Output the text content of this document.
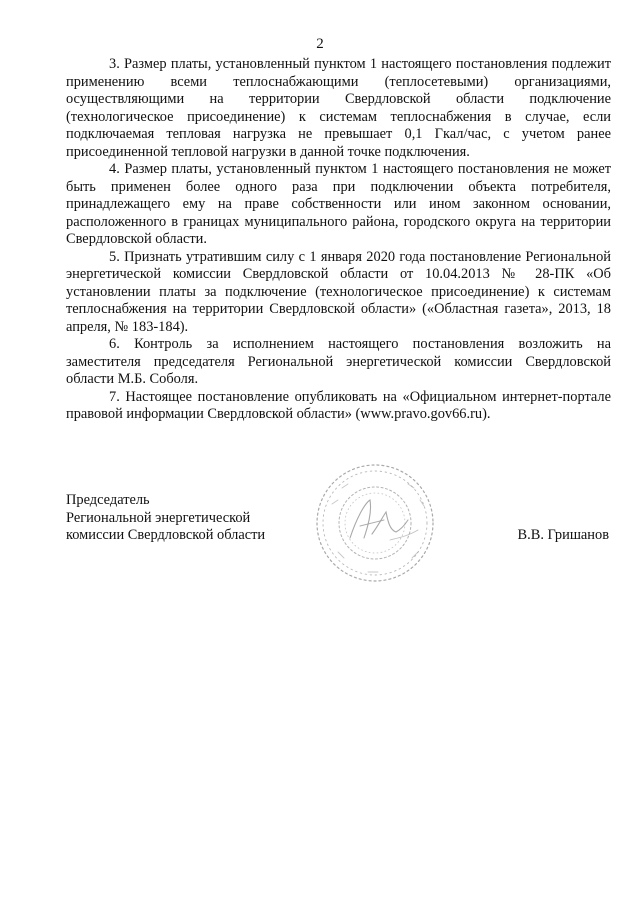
2

3. Размер платы, установленный пунктом 1 настоящего постановления подлежит применению всеми теплоснабжающими (теплосетевыми) организациями, осуществляющими на территории Свердловской области подключение (технологическое присоединение) к системам теплоснабжения в случае, если подключаемая тепловая нагрузка не превышает 0,1 Гкал/час, с учетом ранее присоединенной тепловой нагрузки в данной точке подключения.

4. Размер платы, установленный пунктом 1 настоящего постановления не может быть применен более одного раза при подключении объекта потребителя, принадлежащего ему на праве собственности или ином законном основании, расположенного в границах муниципального района, городского округа на территории Свердловской области.

5. Признать утратившим силу с 1 января 2020 года постановление Региональной энергетической комиссии Свердловской области от 10.04.2013 № 28-ПК «Об установлении платы за подключение (технологическое присоединение) к системам теплоснабжения на территории Свердловской области» («Областная газета», 2013, 18 апреля, № 183-184).

6. Контроль за исполнением настоящего постановления возложить на заместителя председателя Региональной энергетической комиссии Свердловской области М.Б. Соболя.

7. Настоящее постановление опубликовать на «Официальном интернет-портале правовой информации Свердловской области» (www.pravo.gov66.ru).

Председатель
Региональной энергетической
комиссии Свердловской области	В.В. Гришанов
